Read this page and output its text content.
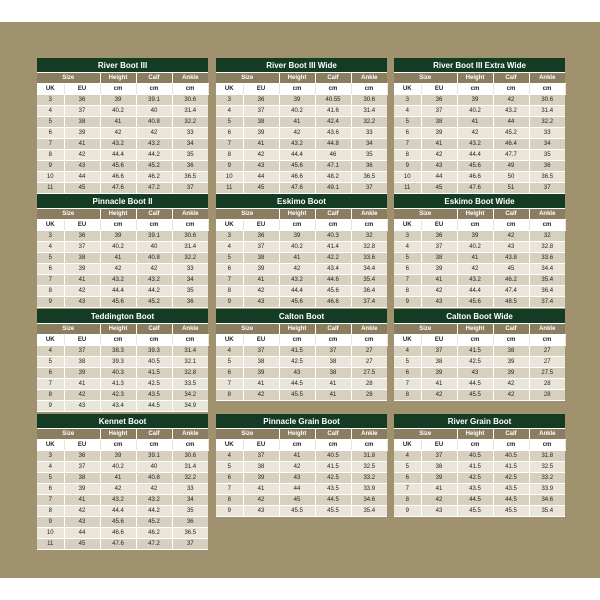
River Boot III				
Size		Height	Calf	Ankle
UK	EU	cm	cm	cm
3	36	39	39.1	30.6
4	37	40.2	40	31.4
5	38	41	40.8	32.2
6	39	42	42	33
7	41	43.2	43.2	34
8	42	44.4	44.2	35
9	43	45.6	45.2	36
10	44	46.6	46.2	36.5
11	45	47.6	47.2	37
River Boot III Wide				
Size		Height	Calf	Ankle
UK	EU	cm	cm	cm
3	36	39	40.55	30.6
4	37	40.2	41.6	31.4
5	38	41	42.4	32.2
6	39	42	43.6	33
7	41	43.2	44.8	34
8	42	44.4	46	35
9	43	45.6	47.1	36
10	44	46.6	48.2	36.5
11	45	47.6	49.1	37
River Boot III Extra Wide				
Size		Height	Calf	Ankle
UK	EU	cm	cm	cm
3	36	39	42	30.6
4	37	40.2	43.2	31.4
5	38	41	44	32.2
6	39	42	45.2	33
7	41	43.2	46.4	34
8	42	44.4	47.7	35
9	43	45.6	49	36
10	44	46.6	50	36.5
11	45	47.6	51	37
Pinnacle Boot II				
Size		Height	Calf	Ankle
UK	EU	cm	cm	cm
3	36	39	39.1	30.6
4	37	40.2	40	31.4
5	38	41	40.8	32.2
6	39	42	42	33
7	41	43.2	43.2	34
8	42	44.4	44.2	35
9	43	45.6	45.2	36
Eskimo Boot				
Size		Height	Calf	Ankle
UK	EU	cm	cm	cm
3	36	39	40.3	32
4	37	40.2	41.4	32.8
5	38	41	42.2	33.6
6	39	42	43.4	34.4
7	41	43.2	44.6	35.4
8	42	44.4	45.6	36.4
9	43	45.6	46.6	37.4
Eskimo Boot Wide				
Size		Height	Calf	Ankle
UK	EU	cm	cm	cm
3	36	39	42	32
4	37	40.2	43	32.8
5	38	41	43.8	33.6
6	39	42	45	34.4
7	41	43.2	46.2	35.4
8	42	44.4	47.4	36.4
9	43	45.6	48.5	37.4
Teddington Boot				
Size		Height	Calf	Ankle
UK	EU	cm	cm	cm
4	37	38.3	39.3	31.4
5	38	39.3	40.5	32.1
6	39	40.3	41.5	32.8
7	41	41.3	42.5	33.5
8	42	42.3	43.5	34.2
9	43	43.4	44.5	34.9
Calton Boot				
Size		Height	Calf	Ankle
UK	EU	cm	cm	cm
4	37	41.5	37	27
5	38	42.5	38	27
6	39	43	38	27.5
7	41	44.5	41	28
8	42	45.5	41	28
Calton Boot Wide				
Size		Height	Calf	Ankle
UK	EU	cm	cm	cm
4	37	41.5	38	27
5	38	42.5	39	27
6	39	43	39	27.5
7	41	44.5	42	28
8	42	45.5	42	28
Kennet Boot				
Size		Height	Calf	Ankle
UK	EU	cm	cm	cm
3	36	39	39.1	30.6
4	37	40.2	40	31.4
5	38	41	40.8	32.2
6	39	42	42	33
7	41	43.2	43.2	34
8	42	44.4	44.2	35
9	43	45.6	45.2	36
10	44	46.6	46.2	36.5
11	45	47.6	47.2	37
Pinnacle Grain Boot				
Size		Height	Calf	Ankle
UK	EU	cm	cm	cm
4	37	41	40.5	31.8
5	38	42	41.5	32.5
6	39	43	42.5	33.2
7	41	44	43.5	33.9
8	42	45	44.5	34.6
9	43	45.5	45.5	35.4
River Grain Boot				
Size		Height	Calf	Ankle
UK	EU	cm	cm	cm
4	37	40.5	40.5	31.8
5	38	41.5	41.5	32.5
6	39	42.5	42.5	33.2
7	41	43.5	43.5	33.9
8	42	44.5	44.5	34.6
9	43	45.5	45.5	35.4
